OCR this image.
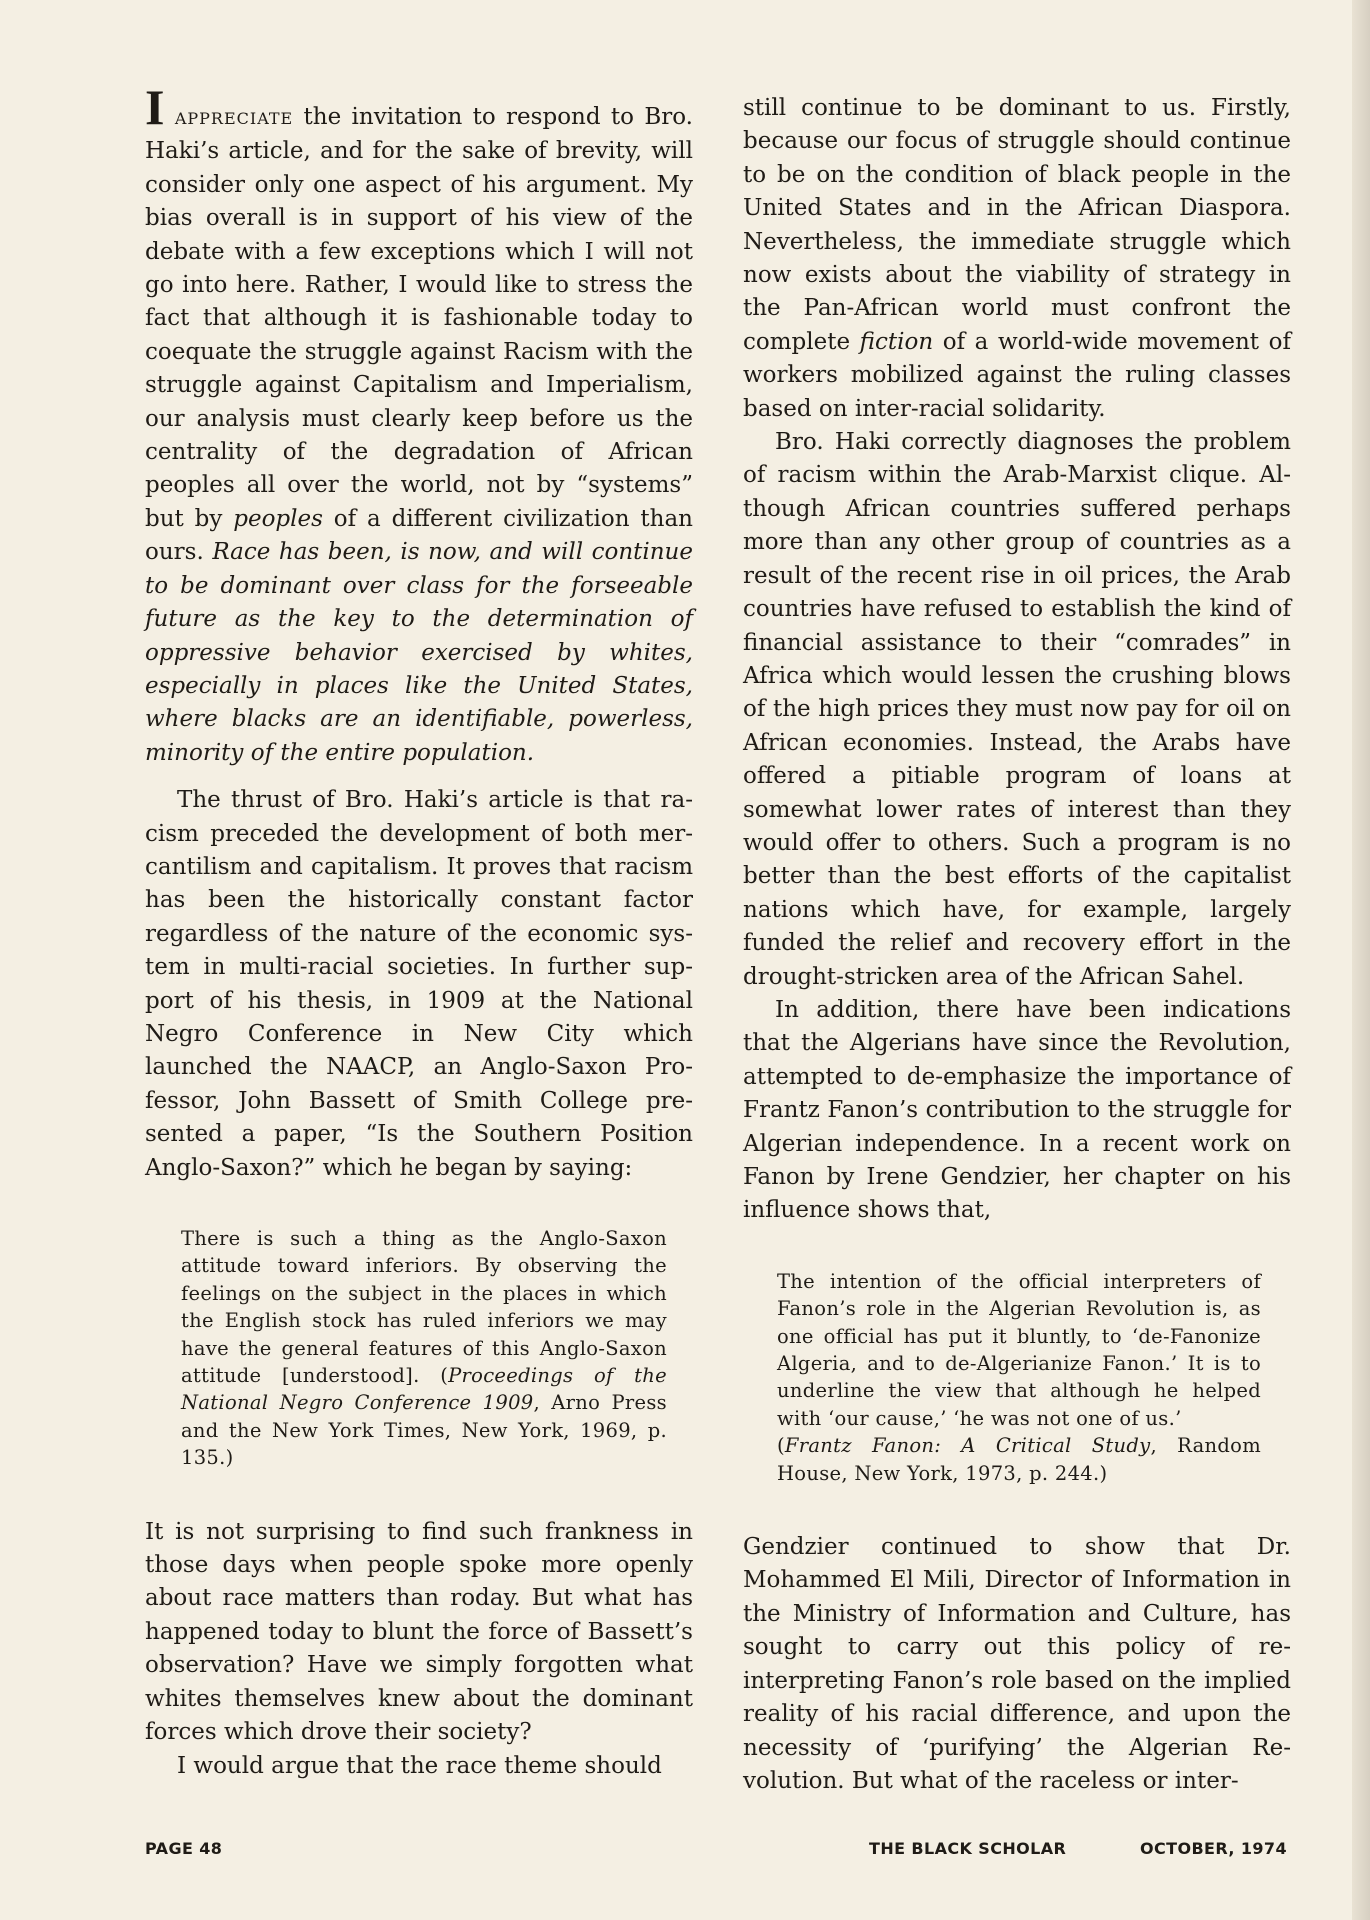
I APPRECIATE the invitation to respond to Bro. Haki’s article, and for the sake of brevity, will consider only one aspect of his argument. My bias overall is in support of his view of the debate with a few exceptions which I will not go into here. Rather, I would like to stress the fact that although it is fashionable today to coequate the struggle against Racism with the struggle against Capitalism and Imperialism, our analysis must clearly keep before us the centrality of the degradation of African peoples all over the world, not by “systems” but by peoples of a different civilization than ours. Race has been, is now, and will continue to be dominant over class for the forseeable future as the key to the determination of oppressive behavior exercised by whites, especially in places like the United States, where blacks are an identifiable, powerless, minority of the entire population.

The thrust of Bro. Haki’s article is that racism preceded the development of both mercantilism and capitalism. It proves that racism has been the historically constant factor regardless of the nature of the economic system in multi-racial societies. In further support of his thesis, in 1909 at the National Negro Conference in New City which launched the NAACP, an Anglo-Saxon Professor, John Bassett of Smith College presented a paper, “Is the Southern Position Anglo-Saxon?” which he began by saying:

There is such a thing as the Anglo-Saxon attitude toward inferiors. By observing the feelings on the subject in the places in which the English stock has ruled inferiors we may have the general features of this Anglo-Saxon attitude [understood]. (Proceedings of the National Negro Conference 1909, Arno Press and the New York Times, New York, 1969, p. 135.)

It is not surprising to find such frankness in those days when people spoke more openly about race matters than roday. But what has happened today to blunt the force of Bassett’s observation? Have we simply forgotten what whites themselves knew about the dominant forces which drove their society?

I would argue that the race theme should

still continue to be dominant to us. Firstly, because our focus of struggle should continue to be on the condition of black people in the United States and in the African Diaspora. Nevertheless, the immediate struggle which now exists about the viability of strategy in the Pan-African world must confront the complete fiction of a world-wide movement of workers mobilized against the ruling classes based on inter-racial solidarity.

Bro. Haki correctly diagnoses the problem of racism within the Arab-Marxist clique. Although African countries suffered perhaps more than any other group of countries as a result of the recent rise in oil prices, the Arab countries have refused to establish the kind of financial assistance to their “comrades” in Africa which would lessen the crushing blows of the high prices they must now pay for oil on African economies. Instead, the Arabs have offered a pitiable program of loans at somewhat lower rates of interest than they would offer to others. Such a program is no better than the best efforts of the capitalist nations which have, for example, largely funded the relief and recovery effort in the drought-stricken area of the African Sahel.

In addition, there have been indications that the Algerians have since the Revolution, attempted to de-emphasize the importance of Frantz Fanon’s contribution to the struggle for Algerian independence. In a recent work on Fanon by Irene Gendzier, her chapter on his influence shows that,

The intention of the official interpreters of Fanon’s role in the Algerian Revolution is, as one official has put it bluntly, to ‘de-Fanonize Algeria, and to de-Algerianize Fanon.’ It is to underline the view that although he helped with ‘our cause,’ ‘he was not one of us.’
(Frantz Fanon: A Critical Study, Random House, New York, 1973, p. 244.)

Gendzier continued to show that Dr. Mohammed El Mili, Director of Information in the Ministry of Information and Culture, has sought to carry out this policy of reinterpreting Fanon’s role based on the implied reality of his racial difference, and upon the necessity of ‘purifying’ the Algerian Revolution. But what of the raceless or inter-

PAGE 48	THE BLACK SCHOLAR	OCTOBER, 1974
